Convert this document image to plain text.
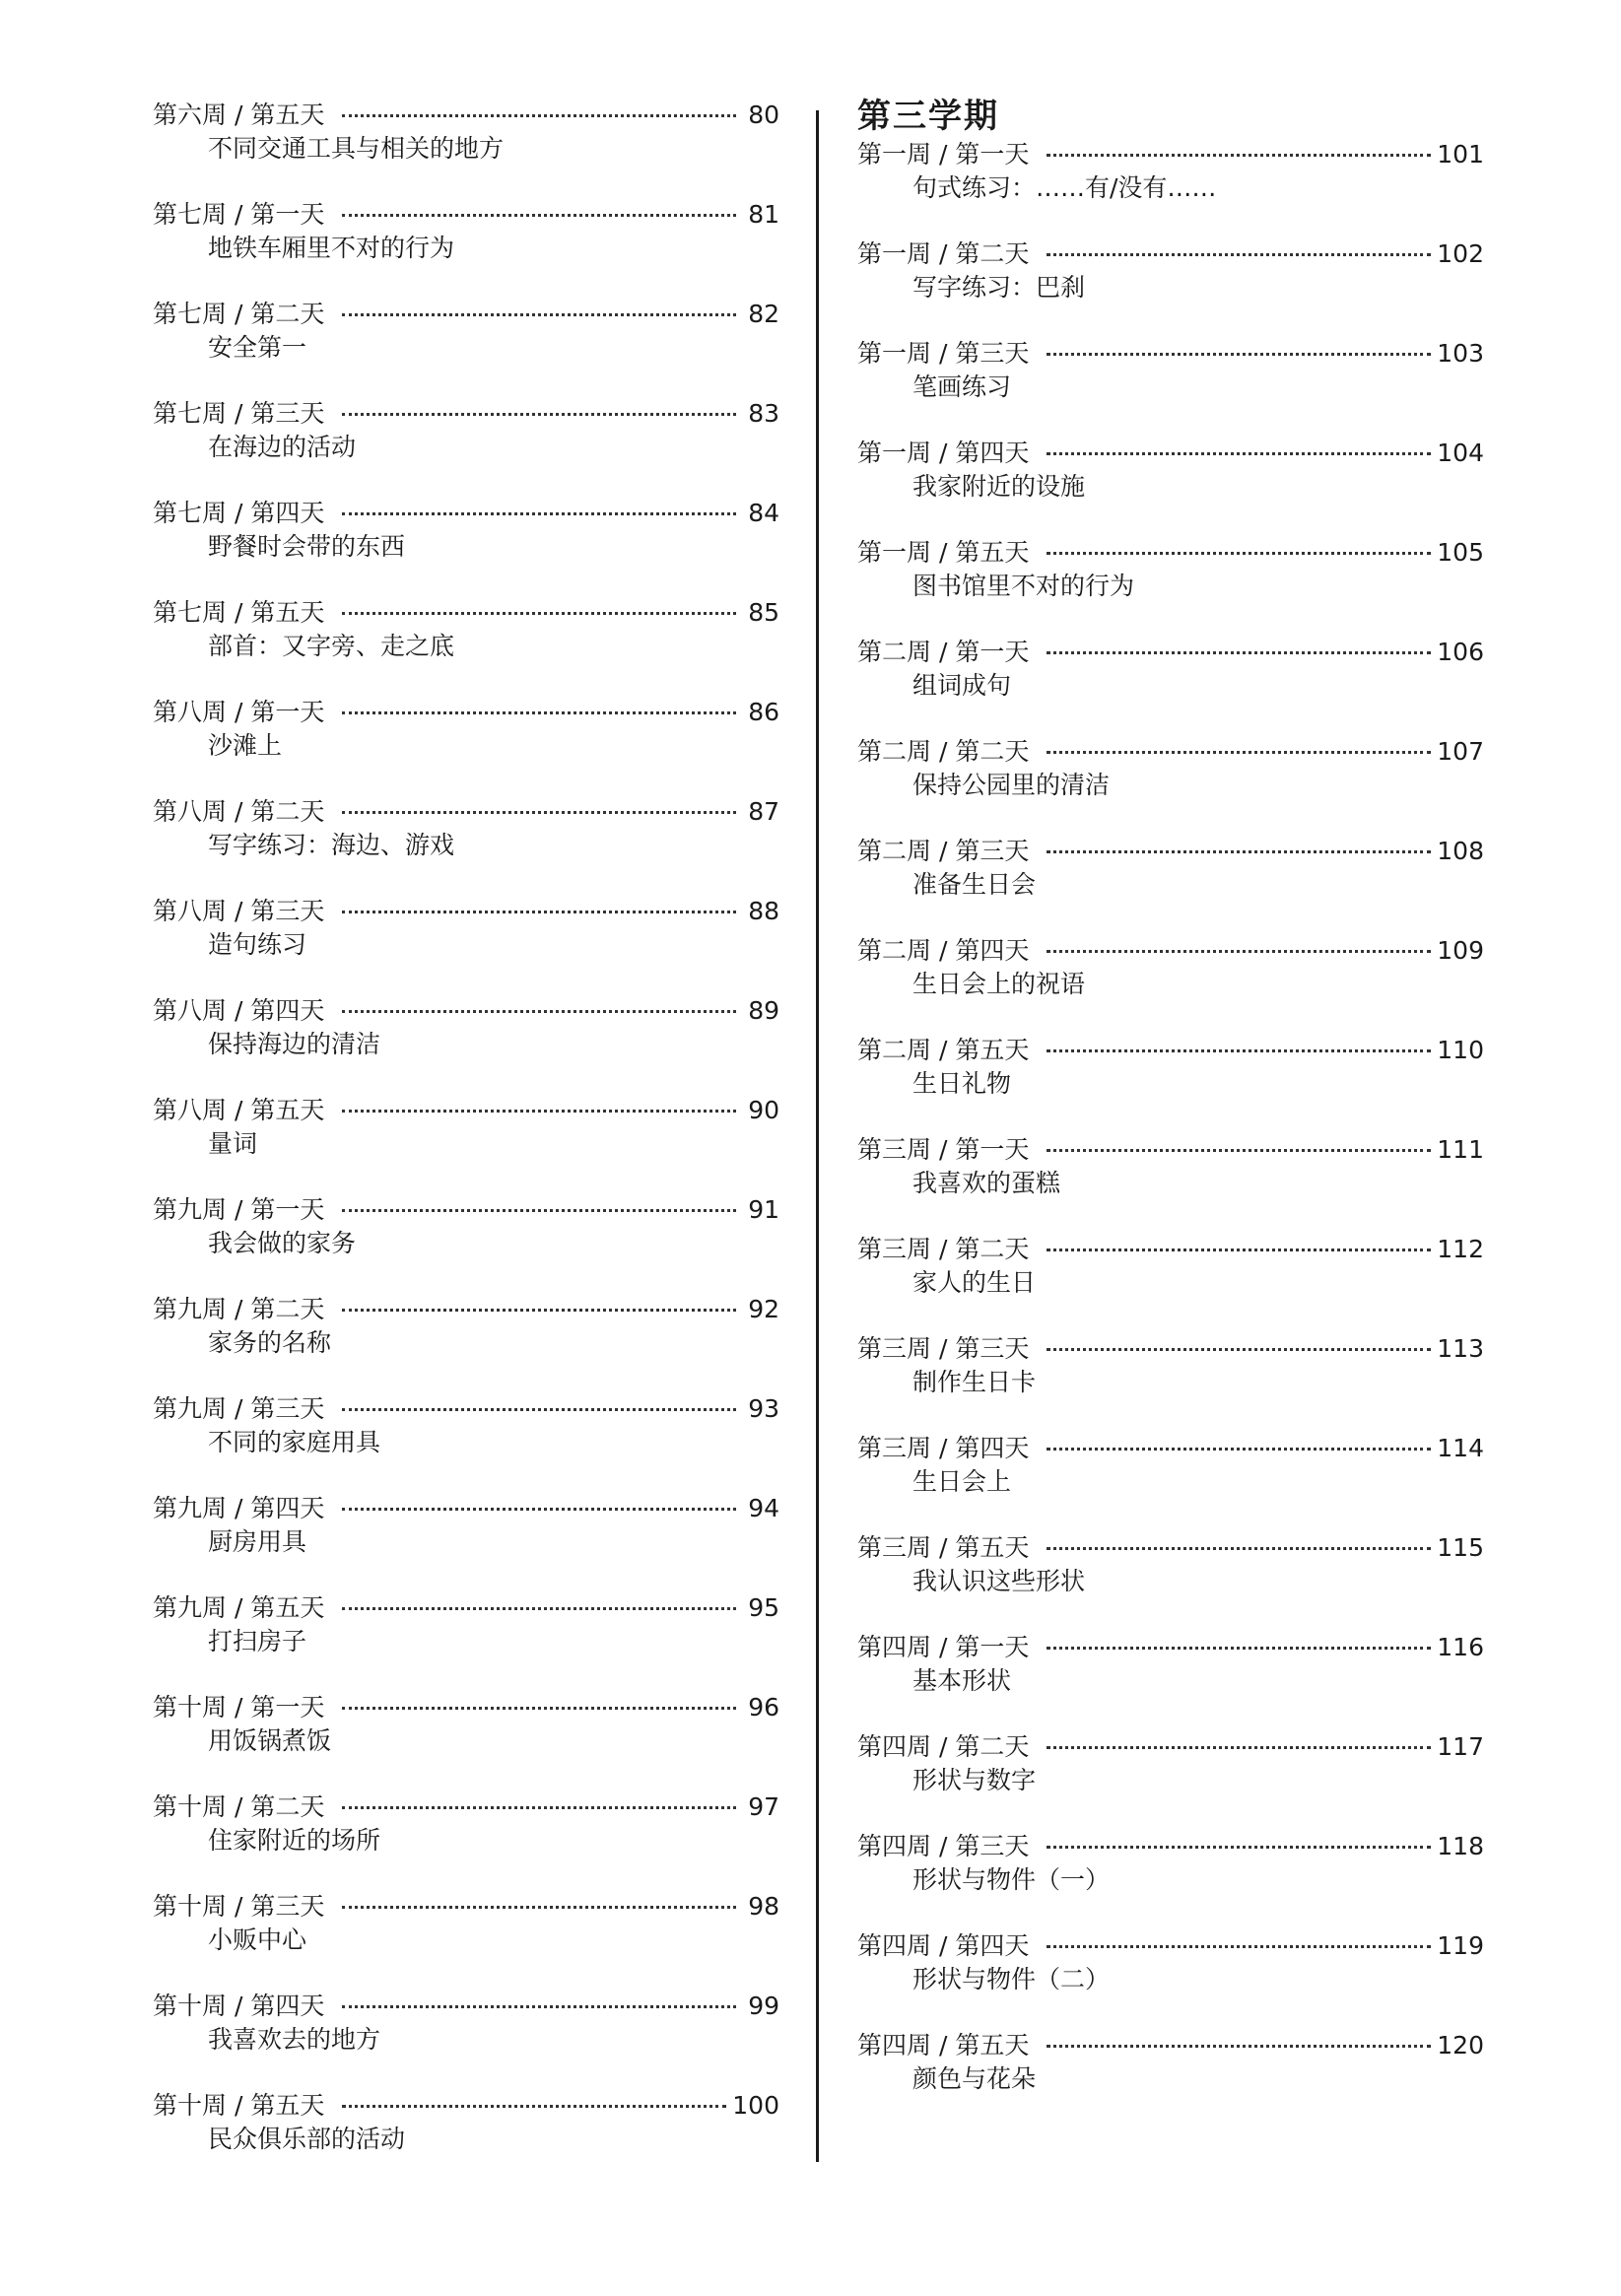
第六周 / 第五天	80
不同交通工具与相关的地方
第七周 / 第一天	81
地铁车厢里不对的行为
第七周 / 第二天	82
安全第一
第七周 / 第三天	83
在海边的活动
第七周 / 第四天	84
野餐时会带的东西
第七周 / 第五天	85
部首：又字旁、走之底
第八周 / 第一天	86
沙滩上
第八周 / 第二天	87
写字练习：海边、游戏
第八周 / 第三天	88
造句练习
第八周 / 第四天	89
保持海边的清洁
第八周 / 第五天	90
量词
第九周 / 第一天	91
我会做的家务
第九周 / 第二天	92
家务的名称
第九周 / 第三天	93
不同的家庭用具
第九周 / 第四天	94
厨房用具
第九周 / 第五天	95
打扫房子
第十周 / 第一天	96
用饭锅煮饭
第十周 / 第二天	97
住家附近的场所
第十周 / 第三天	98
小贩中心
第十周 / 第四天	99
我喜欢去的地方
第十周 / 第五天	100
民众俱乐部的活动
第三学期
第一周 / 第一天	101
句式练习：……有/没有……
第一周 / 第二天	102
写字练习：巴刹
第一周 / 第三天	103
笔画练习
第一周 / 第四天	104
我家附近的设施
第一周 / 第五天	105
图书馆里不对的行为
第二周 / 第一天	106
组词成句
第二周 / 第二天	107
保持公园里的清洁
第二周 / 第三天	108
准备生日会
第二周 / 第四天	109
生日会上的祝语
第二周 / 第五天	110
生日礼物
第三周 / 第一天	111
我喜欢的蛋糕
第三周 / 第二天	112
家人的生日
第三周 / 第三天	113
制作生日卡
第三周 / 第四天	114
生日会上
第三周 / 第五天	115
我认识这些形状
第四周 / 第一天	116
基本形状
第四周 / 第二天	117
形状与数字
第四周 / 第三天	118
形状与物件（一）
第四周 / 第四天	119
形状与物件（二）
第四周 / 第五天	120
颜色与花朵
